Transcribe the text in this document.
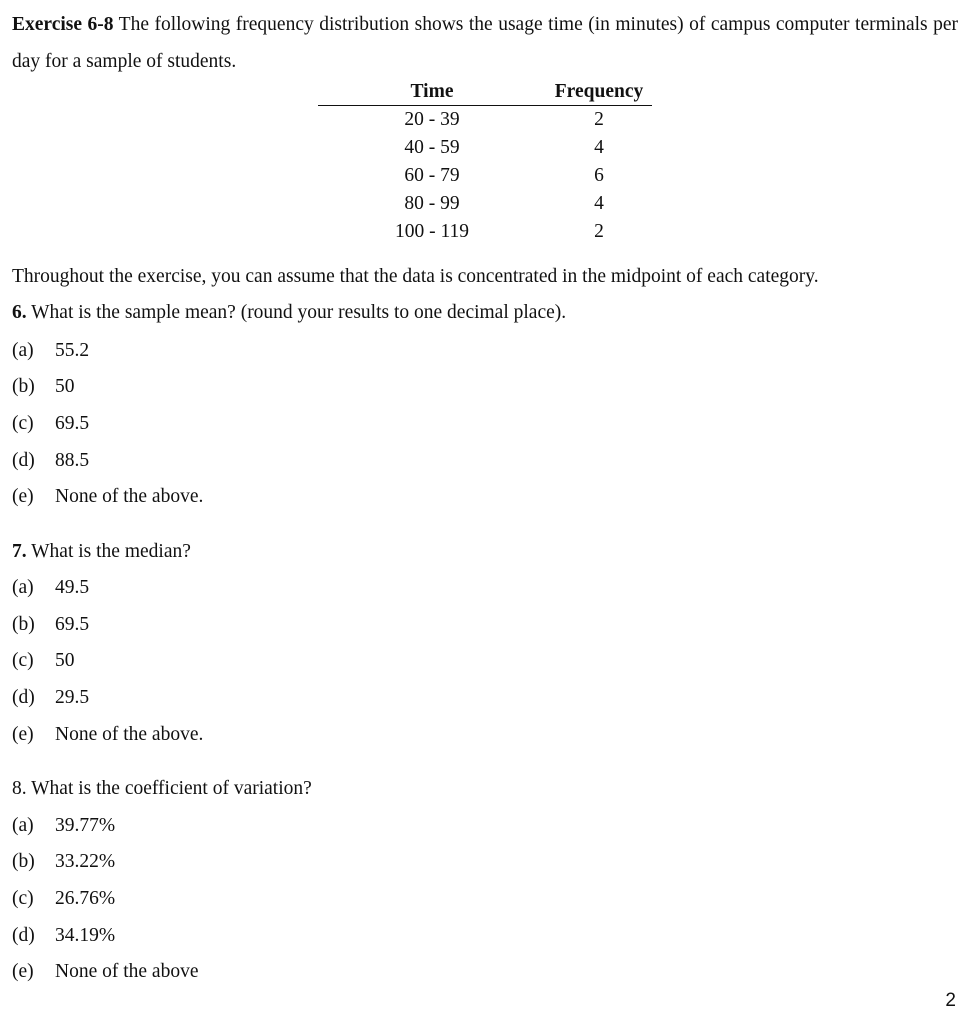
Exercise 6-8 The following frequency distribution shows the usage time (in minutes) of campus computer terminals per day for a sample of students.
Time	Frequency
20 - 39	2
40 - 59	4
60 - 79	6
80 - 99	4
100 - 119	2
Throughout the exercise, you can assume that the data is concentrated in the midpoint of each category.
6. What is the sample mean? (round your results to one decimal place).
(a) 55.2
(b) 50
(c) 69.5
(d) 88.5
(e) None of the above.
7. What is the median?
(a) 49.5
(b) 69.5
(c) 50
(d) 29.5
(e) None of the above.
8. What is the coefficient of variation?
(a) 39.77%
(b) 33.22%
(c) 26.76%
(d) 34.19%
(e) None of the above
2
